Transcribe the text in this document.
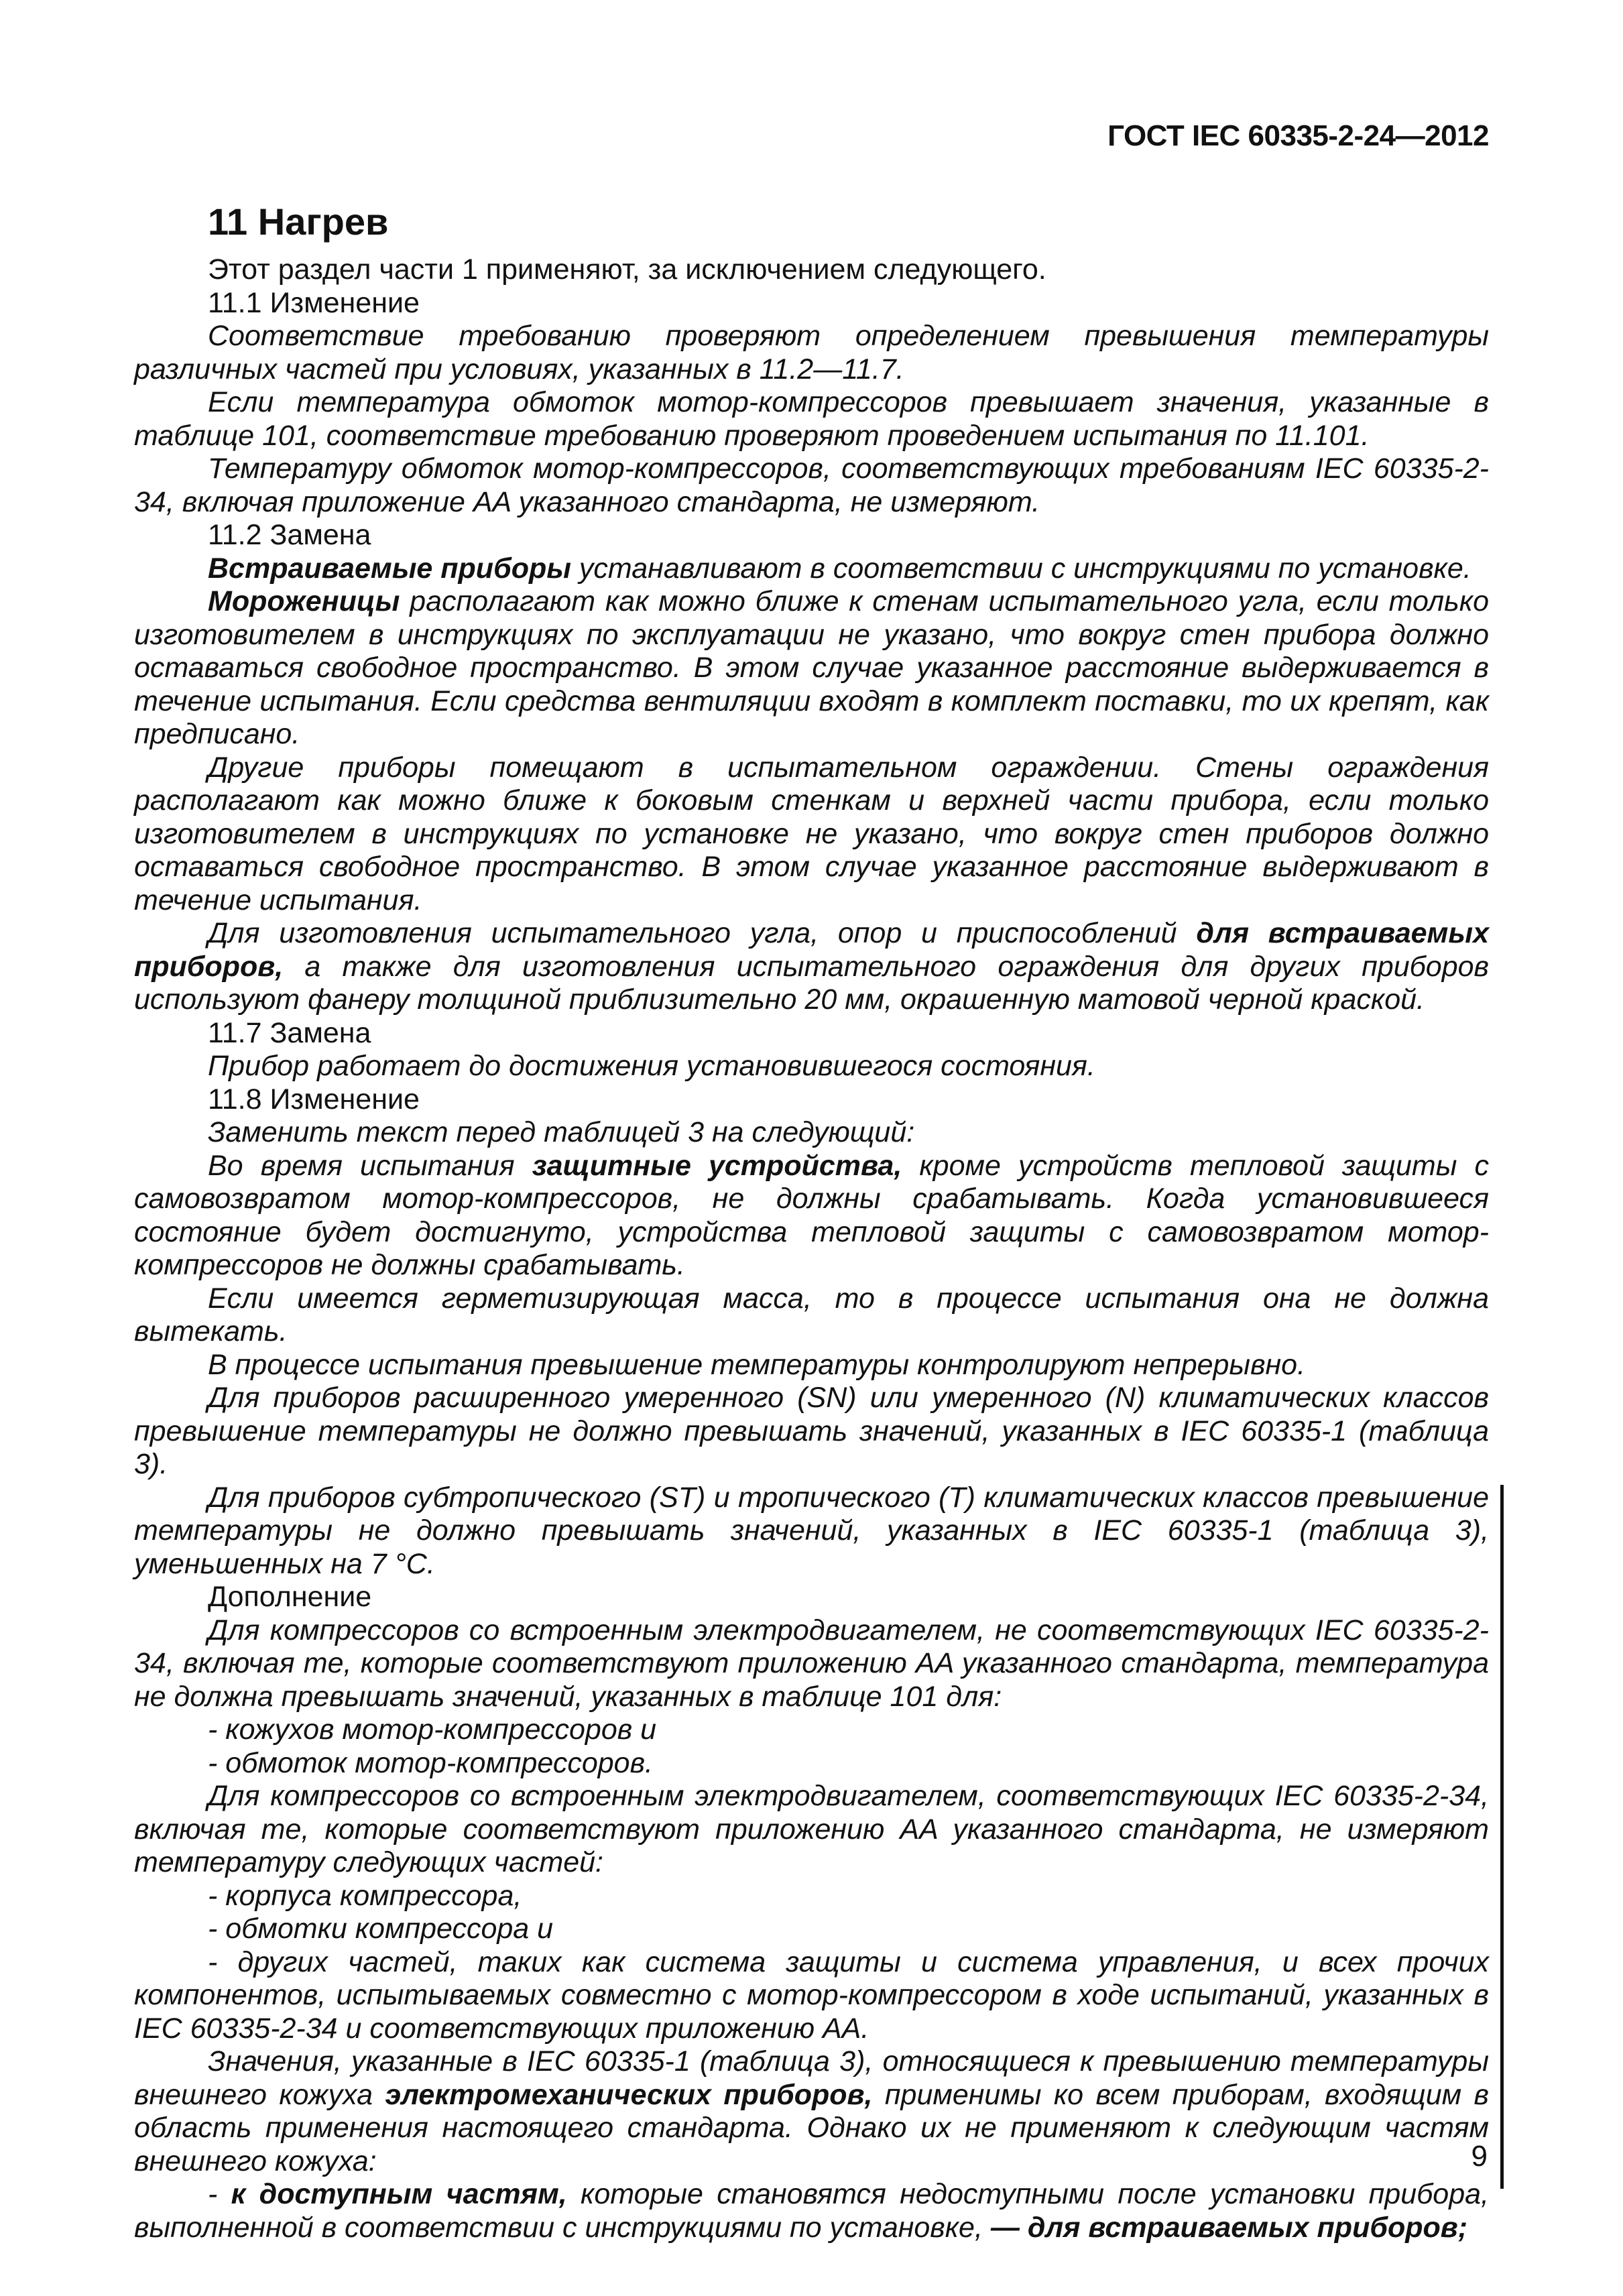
ГОСТ IEC 60335-2-24—2012
11 Нагрев

Этот раздел части 1 применяют, за исключением следующего.

11.1 Изменение

Соответствие требованию проверяют определением превышения температуры различных частей при условиях, указанных в 11.2—11.7.

Если температура обмоток мотор-компрессоров превышает значения, указанные в таблице 101, соответствие требованию проверяют проведением испытания по 11.101.

Температуру обмоток мотор-компрессоров, соответствующих требованиям IEC 60335-2-34, включая приложение AA указанного стандарта, не измеряют.

11.2 Замена

Встраиваемые приборы устанавливают в соответствии с инструкциями по установке.

Мороженицы располагают как можно ближе к стенам испытательного угла, если только изготовителем в инструкциях по эксплуатации не указано, что вокруг стен прибора должно оставаться свободное пространство. В этом случае указанное расстояние выдерживается в течение испытания. Если средства вентиляции входят в комплект поставки, то их крепят, как предписано.

Другие приборы помещают в испытательном ограждении. Стены ограждения располагают как можно ближе к боковым стенкам и верхней части прибора, если только изготовителем в инструкциях по установке не указано, что вокруг стен приборов должно оставаться свободное пространство. В этом случае указанное расстояние выдерживают в течение испытания.

Для изготовления испытательного угла, опор и приспособлений для встраиваемых приборов, а также для изготовления испытательного ограждения для других приборов используют фанеру толщиной приблизительно 20 мм, окрашенную матовой черной краской.

11.7 Замена

Прибор работает до достижения установившегося состояния.

11.8 Изменение

Заменить текст перед таблицей 3 на следующий:

Во время испытания защитные устройства, кроме устройств тепловой защиты с самовозвратом мотор-компрессоров, не должны срабатывать. Когда установившееся состояние будет достигнуто, устройства тепловой защиты с самовозвратом мотор-компрессоров не должны срабатывать.

Если имеется герметизирующая масса, то в процессе испытания она не должна вытекать.

В процессе испытания превышение температуры контролируют непрерывно.

Для приборов расширенного умеренного (SN) или умеренного (N) климатических классов превышение температуры не должно превышать значений, указанных в IEC 60335-1 (таблица 3).

Для приборов субтропического (ST) и тропического (T) климатических классов превышение температуры не должно превышать значений, указанных в IEC 60335-1 (таблица 3), уменьшенных на 7 °C.

Дополнение

Для компрессоров со встроенным электродвигателем, не соответствующих IEC 60335-2-34, включая те, которые соответствуют приложению AA указанного стандарта, температура не должна превышать значений, указанных в таблице 101 для:

- кожухов мотор-компрессоров и

- обмоток мотор-компрессоров.

Для компрессоров со встроенным электродвигателем, соответствующих IEC 60335-2-34, включая те, которые соответствуют приложению AA указанного стандарта, не измеряют температуру следующих частей:

- корпуса компрессора,

- обмотки компрессора и

- других частей, таких как система защиты и система управления, и всех прочих компонентов, испытываемых совместно с мотор-компрессором в ходе испытаний, указанных в IEC 60335-2-34 и соответствующих приложению AA.

Значения, указанные в IEC 60335-1 (таблица 3), относящиеся к превышению температуры внешнего кожуха электромеханических приборов, применимы ко всем приборам, входящим в область применения настоящего стандарта. Однако их не применяют к следующим частям внешнего кожуха:

- к доступным частям, которые становятся недоступными после установки прибора, выполненной в соответствии с инструкциями по установке, — для встраиваемых приборов;

9
